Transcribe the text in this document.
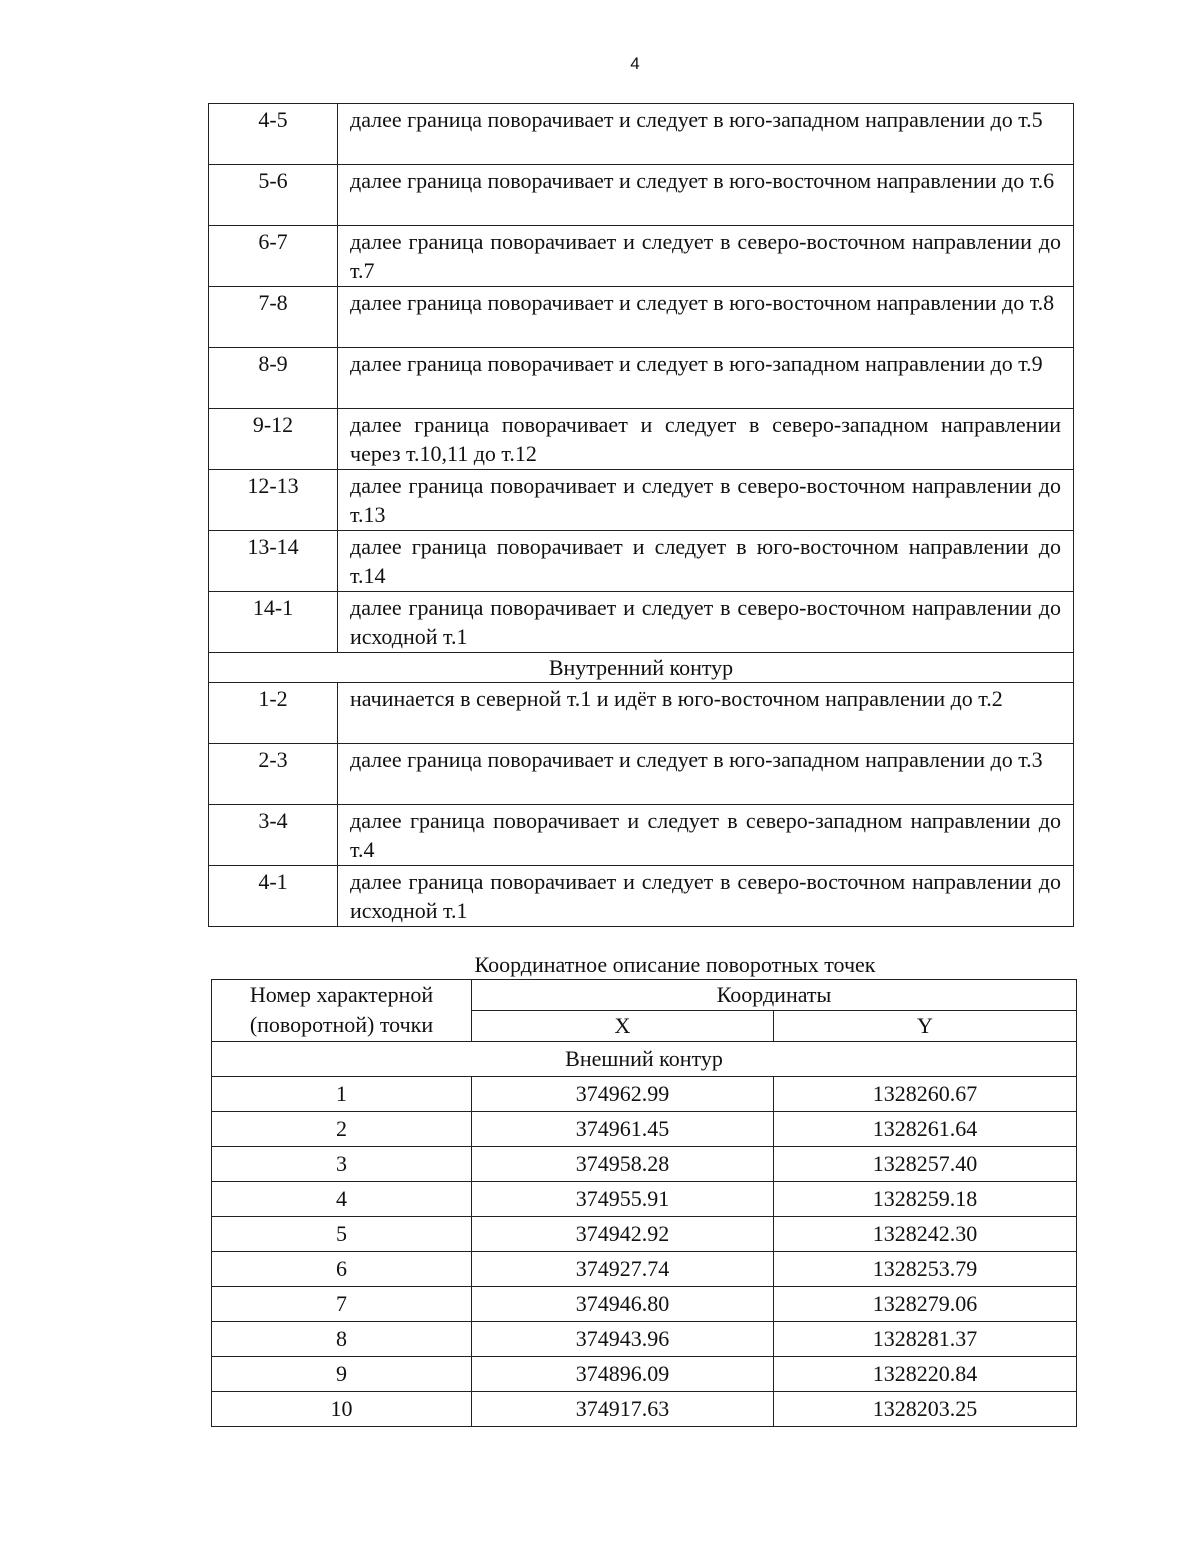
4
4-5	далее граница поворачивает и следует в юго-западном направлении до т.5
5-6	далее граница поворачивает и следует в юго-восточном направлении до т.6
6-7	далее граница поворачивает и следует в северо-восточном направлении до т.7
7-8	далее граница поворачивает и следует в юго-восточном направлении до т.8
8-9	далее граница поворачивает и следует в юго-западном направлении до т.9
9-12	далее граница поворачивает и следует в северо-западном направлении через т.10,11 до т.12
12-13	далее граница поворачивает и следует в северо-восточном направлении до т.13
13-14	далее граница поворачивает и следует в юго-восточном направлении до т.14
14-1	далее граница поворачивает и следует в северо-восточном направлении до исходной т.1
Внутренний контур	
1-2	начинается в северной т.1 и идёт в юго-восточном направлении до т.2
2-3	далее граница поворачивает и следует в юго-западном направлении до т.3
3-4	далее граница поворачивает и следует в северо-западном направлении до т.4
4-1	далее граница поворачивает и следует в северо-восточном направлении до исходной т.1
Координатное описание поворотных точек
Номер характерной (поворотной) точки	Координаты	
	X	Y
Внешний контур		
1	374962.99	1328260.67
2	374961.45	1328261.64
3	374958.28	1328257.40
4	374955.91	1328259.18
5	374942.92	1328242.30
6	374927.74	1328253.79
7	374946.80	1328279.06
8	374943.96	1328281.37
9	374896.09	1328220.84
10	374917.63	1328203.25
